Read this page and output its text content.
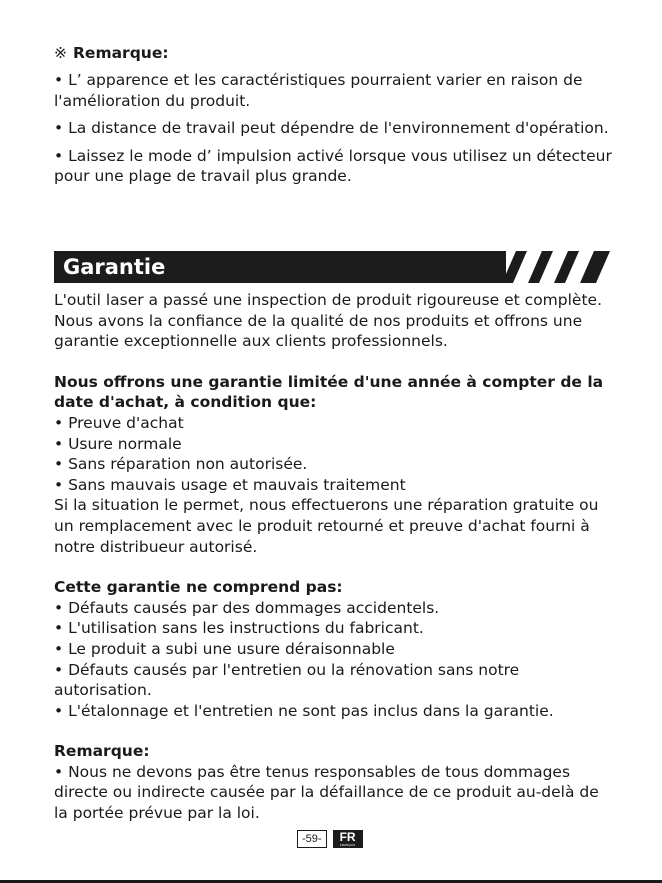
※ Remarque:

• L’ apparence et les caractéristiques pourraient varier en raison de l'amélioration du produit.

• La distance de travail peut dépendre de l'environnement d'opération.

• Laissez le mode d’ impulsion activé lorsque vous utilisez un détecteur pour une plage de travail plus grande.

Garantie

L'outil laser a passé une inspection de produit rigoureuse et complète. Nous avons la confiance de la qualité de nos produits et offrons une garantie exceptionnelle aux clients professionnels.

Nous offrons une garantie limitée d'une année à compter de la date d'achat, à condition que:

• Preuve d'achat

• Usure normale

• Sans réparation non autorisée.

• Sans mauvais usage et mauvais traitement

Si la situation le permet, nous effectuerons une réparation gratuite ou un remplacement avec le produit retourné et preuve d'achat fourni à notre distribueur autorisé.

Cette garantie ne comprend pas:

• Défauts causés par des dommages accidentels.

• L'utilisation sans les instructions du fabricant.

• Le produit a subi une usure déraisonnable

• Défauts causés par l'entretien ou la rénovation sans notre autorisation.

• L'étalonnage et l'entretien ne sont pas inclus dans la garantie.

Remarque:

• Nous ne devons pas être tenus responsables de tous dommages directe ou indirecte causée par la défaillance de ce produit au-delà de la portée prévue par la loi.

-59-	FR
FRANÇAIS
